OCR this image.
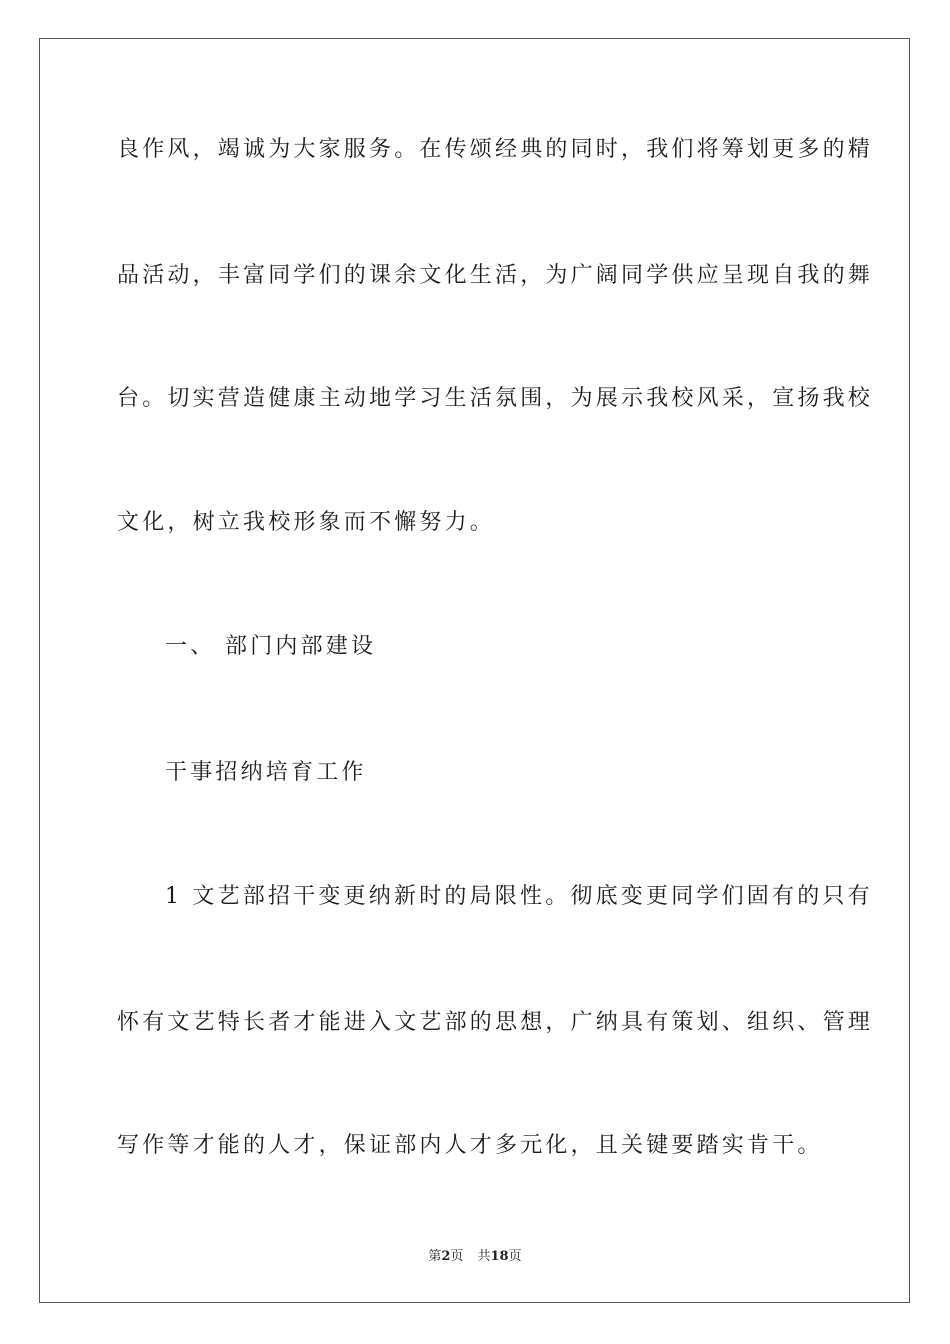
良作风，竭诚为大家服务。在传颂经典的同时，我们将筹划更多的精
品活动，丰富同学们的课余文化生活，为广阔同学供应呈现自我的舞
台。切实营造健康主动地学习生活氛围，为展示我校风采，宣扬我校
文化，树立我校形象而不懈努力。
一、 部门内部建设
干事招纳培育工作
1 文艺部招干变更纳新时的局限性。彻底变更同学们固有的只有
怀有文艺特长者才能进入文艺部的思想，广纳具有策划、组织、管理
写作等才能的人才，保证部内人才多元化，且关键要踏实肯干。
第2页 共18页
